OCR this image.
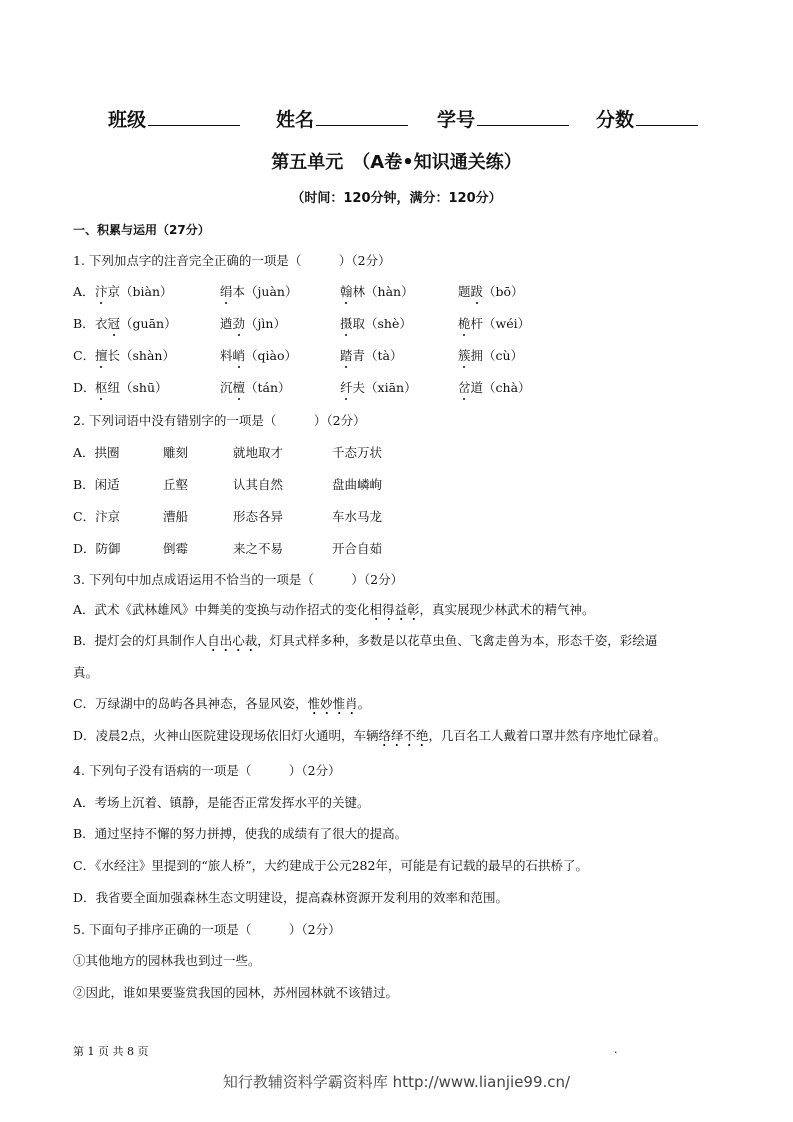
班级	姓名	学号	分数
第五单元　（A卷•知识通关练）
（时间：120分钟，满分：120分）
一、积累与运用（27分）
1. 下列加点字的注音完全正确的一项是（　　　）（2分）
A． 汴京（biàn）	绢本（juàn）	翰林（hàn）	题跋（bō）
B． 衣冠（guān）	遒劲（jìn）	摄取（shè）	桅杆（wéi）
C． 擅长（shàn）	料峭（qiào）	踏青（tà）	簇拥（cù）
D． 枢纽（shū）	沉檀（tán）	纤夫（xiān）	岔道（chà）
2. 下列词语中没有错别字的一项是（　　　）（2分）
A．拱圈	雕刻	就地取才	千态万状
B．闲适	丘壑	认其自然	盘曲嶙峋
C．汴京	漕船	形态各异	车水马龙
D．防御	倒霉	来之不易	开合自茹
3. 下列句中加点成语运用不恰当的一项是（　　　）（2分）
A．武术《武林雄风》中舞美的变换与动作招式的变化相得益彰，真实展现少林武术的精气神。
B．提灯会的灯具制作人自出心裁，灯具式样多种，多数是以花草虫鱼、飞禽走兽为本，形态千姿，彩绘逼
真。
C．万绿湖中的岛屿各具神态，各显风姿，惟妙惟肖。
D．凌晨2点，火神山医院建设现场依旧灯火通明，车辆络绎不绝，几百名工人戴着口罩井然有序地忙碌着。
4. 下列句子没有语病的一项是（　　　）（2分）
A．考场上沉着、镇静，是能否正常发挥水平的关键。
B．通过坚持不懈的努力拼搏，使我的成绩有了很大的提高。
C．《水经注》里提到的“旅人桥”，大约建成于公元282年，可能是有记载的最早的石拱桥了。
D．我省要全面加强森林生态文明建设，提高森林资源开发利用的效率和范围。
5. 下面句子排序正确的一项是（　　　）（2分）
①其他地方的园林我也到过一些。
②因此，谁如果要鉴赏我国的园林，苏州园林就不该错过。
第 1 页 共 8 页	.
知行教辅资料学霸资料库 http://www.lianjie99.cn/
